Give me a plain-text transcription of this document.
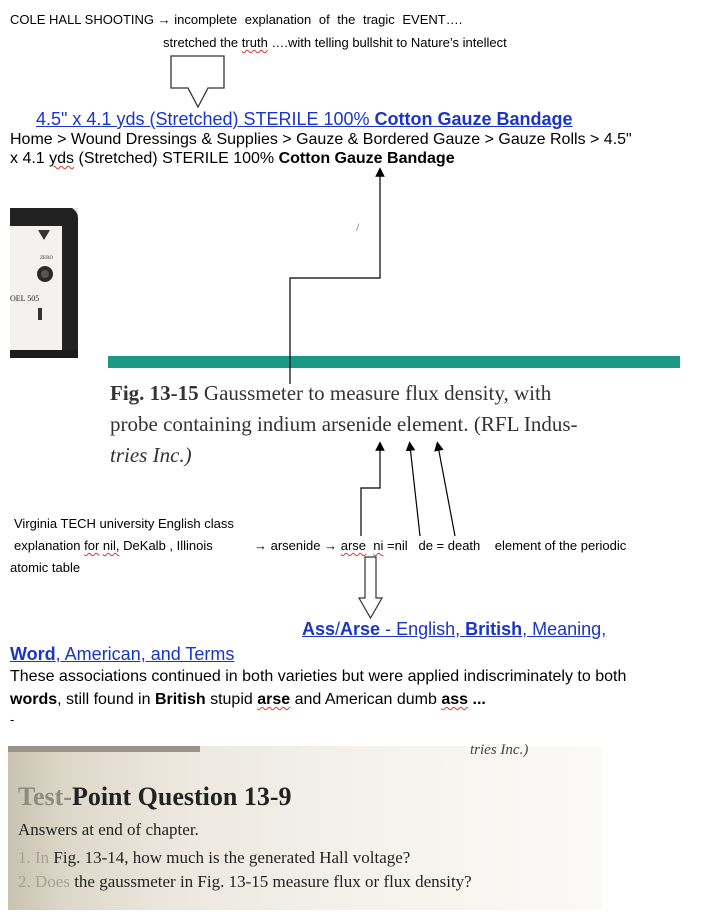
COLE HALL SHOOTING → incomplete explanation of the tragic EVENT….
stretched the truth ….with telling bullshit to Nature’s intellect
4.5" x 4.1 yds (Stretched) STERILE 100% Cotton Gauze Bandage
Home > Wound Dressings & Supplies > Gauze & Bordered Gauze > Gauze Rolls > 4.5"
x 4.1 yds (Stretched) STERILE 100% Cotton Gauze Bandage
OEL 505
ZERO
/
Fig. 13-15 Gaussmeter to measure flux density, with
probe containing indium arsenide element. (RFL Indus-
tries Inc.)
Virginia TECH university English class
explanation for nil, DeKalb , Illinois	→ arsenide → arse ni =nil de = death element of the periodic
atomic table
Ass/Arse - English, British, Meaning,
Word, American, and Terms
These associations continued in both varieties but were applied indiscriminately to both
words, still found in British stupid arse and American dumb ass ...
-
tries Inc.)
Test-Point Question 13-9
Answers at end of chapter.
1. In Fig. 13-14, how much is the generated Hall voltage?
2. Does the gaussmeter in Fig. 13-15 measure flux or flux density?
